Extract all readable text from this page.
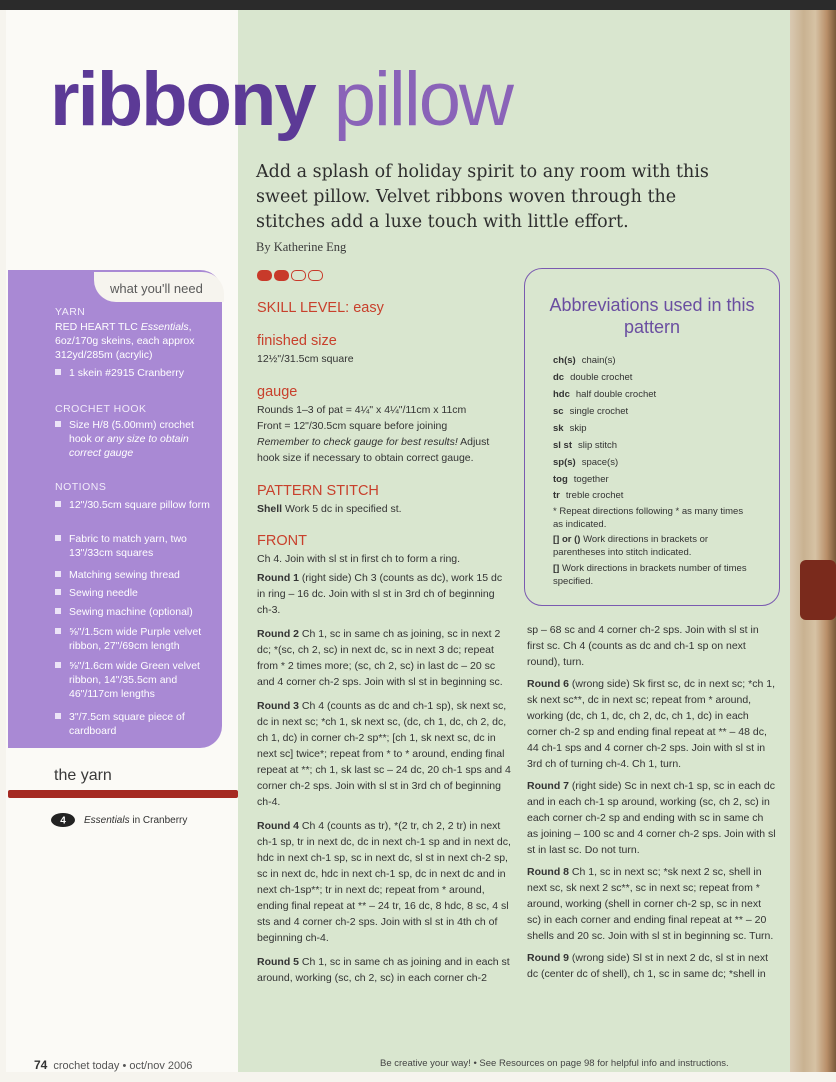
ribbony pillow

Add a splash of holiday spirit to any room with this sweet pillow. Velvet ribbons woven through the stitches add a luxe touch with little effort.

By Katherine Eng
SKILL LEVEL: easy
finished size

12½"/31.5cm square

gauge

Rounds 1–3 of pat = 4¼" x 4¼"/11cm x 11cm
Front = 12"/30.5cm square before joining
Remember to check gauge for best results! Adjust hook size if necessary to obtain correct gauge.

PATTERN STITCH

Shell Work 5 dc in specified st.

FRONT
Ch 4. Join with sl st in first ch to form a ring.
Round 1 (right side) Ch 3 (counts as dc), work 15 dc in ring – 16 dc. Join with sl st in 3rd ch of beginning ch-3.
Round 2 Ch 1, sc in same ch as joining, sc in next 2 dc; *(sc, ch 2, sc) in next dc, sc in next 3 dc; repeat from * 2 times more; (sc, ch 2, sc) in last dc – 20 sc and 4 corner ch-2 sps. Join with sl st in beginning sc.
Round 3 Ch 4 (counts as dc and ch-1 sp), sk next sc, dc in next sc; *ch 1, sk next sc, (dc, ch 1, dc, ch 2, dc, ch 1, dc) in corner ch-2 sp**; [ch 1, sk next sc, dc in next sc] twice*; repeat from * to * around, ending final repeat at **; ch 1, sk last sc – 24 dc, 20 ch-1 sps and 4 corner ch-2 sps. Join with sl st in 3rd ch of beginning ch-4.
Round 4 Ch 4 (counts as tr), *(2 tr, ch 2, 2 tr) in next ch-1 sp, tr in next dc, dc in next ch-1 sp and in next dc, hdc in next ch-1 sp, sc in next dc, sl st in next ch-2 sp, sc in next dc, hdc in next ch-1 sp, dc in next dc and in next ch-1sp**; tr in next dc; repeat from * around, ending final repeat at ** – 24 tr, 16 dc, 8 hdc, 8 sc, 4 sl sts and 4 corner ch-2 sps. Join with sl st in 4th ch of beginning ch-4.
Round 5 Ch 1, sc in same ch as joining and in each st around, working (sc, ch 2, sc) in each corner ch-2
sp – 68 sc and 4 corner ch-2 sps. Join with sl st in first sc. Ch 4 (counts as dc and ch-1 sp on next round), turn.
Round 6 (wrong side) Sk first sc, dc in next sc; *ch 1, sk next sc**, dc in next sc; repeat from * around, working (dc, ch 1, dc, ch 2, dc, ch 1, dc) in each corner ch-2 sp and ending final repeat at ** – 48 dc, 44 ch-1 sps and 4 corner ch-2 sps. Join with sl st in 3rd ch of turning ch-4. Ch 1, turn.
Round 7 (right side) Sc in next ch-1 sp, sc in each dc and in each ch-1 sp around, working (sc, ch 2, sc) in each corner ch-2 sp and ending with sc in same ch as joining – 100 sc and 4 corner ch-2 sps. Join with sl st in last sc. Do not turn.
Round 8 Ch 1, sc in next sc; *sk next 2 sc, shell in next sc, sk next 2 sc**, sc in next sc; repeat from * around, working (shell in corner ch-2 sp, sc in next sc) in each corner and ending final repeat at ** – 20 shells and 20 sc. Join with sl st in beginning sc. Turn.
Round 9 (wrong side) Sl st in next 2 dc, sl st in next dc (center dc of shell), ch 1, sc in same dc; *shell in
what you'll need
YARN
RED HEART TLC Essentials, 6oz/170g skeins, each approx 312yd/285m (acrylic)
1 skein #2915 Cranberry
CROCHET HOOK
Size H/8 (5.00mm) crochet hook or any size to obtain correct gauge
NOTIONS
12"/30.5cm square pillow form
Fabric to match yarn, two 13"/33cm squares
Matching sewing thread
Sewing needle
Sewing machine (optional)
⅝"/1.5cm wide Purple velvet ribbon, 27"/69cm length
⅝"/1.6cm wide Green velvet ribbon, 14"/35.5cm and 46"/117cm lengths
3"/7.5cm square piece of cardboard
the yarn
4 Essentials in Cranberry
Abbreviations used in this pattern
ch(s) chain(s)
dc double crochet
hdc half double crochet
sc single crochet
sk skip
sl st slip stitch
sp(s) space(s)
tog together
tr treble crochet
* Repeat directions following * as many times as indicated.
[] or () Work directions in brackets or parentheses into stitch indicated.
[] Work directions in brackets number of times specified.
74 crochet today • oct/nov 2006	Be creative your way! • See Resources on page 98 for helpful info and instructions.
